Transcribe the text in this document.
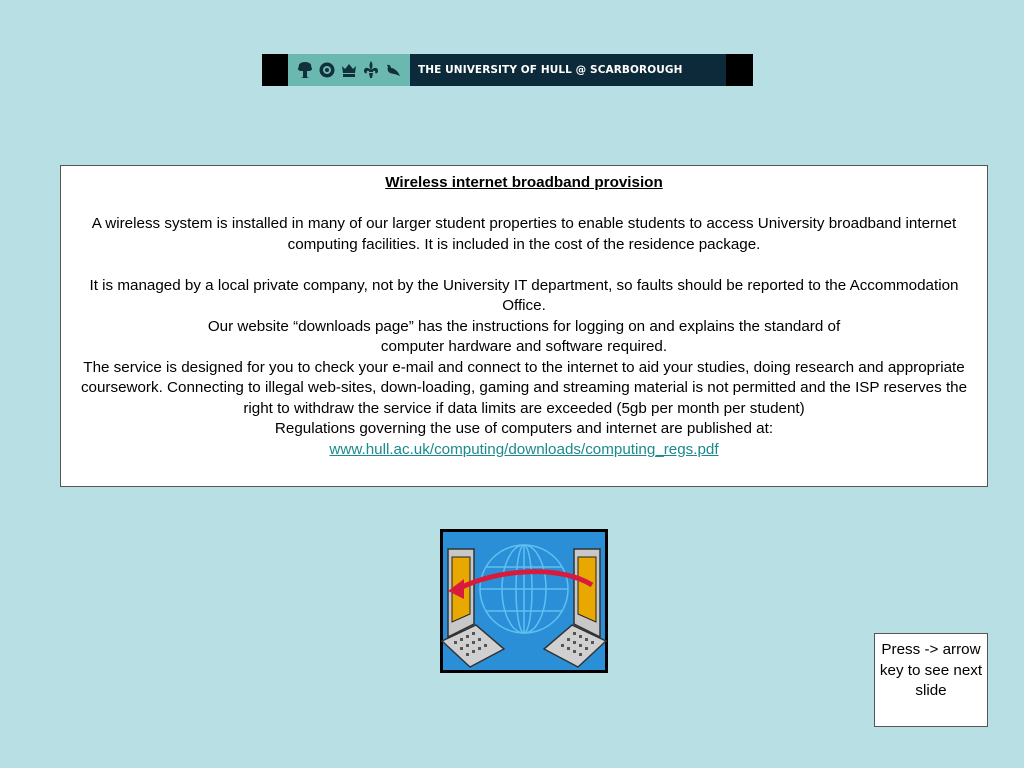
THE UNIVERSITY OF HULL @ SCARBOROUGH

Wireless internet broadband provision

A wireless system is installed in many of our larger student properties to enable students to access University broadband internet computing facilities. It is included in the cost of the residence package.

It is managed by a local private company, not by the University IT department, so faults should be reported to the Accommodation Office.

Our website “downloads page” has the instructions for logging on and explains the standard of computer hardware and software required.

The service is designed for you to check your e-mail and connect to the internet to aid your studies, doing research and appropriate coursework. Connecting to illegal web-sites, down-loading, gaming and streaming material is not permitted and the ISP reserves the right to withdraw the service if data limits are exceeded (5gb per month per student)

Regulations governing the use of computers and internet are published at:

www.hull.ac.uk/computing/downloads/computing_regs.pdf

Press -> arrow key to see next slide
